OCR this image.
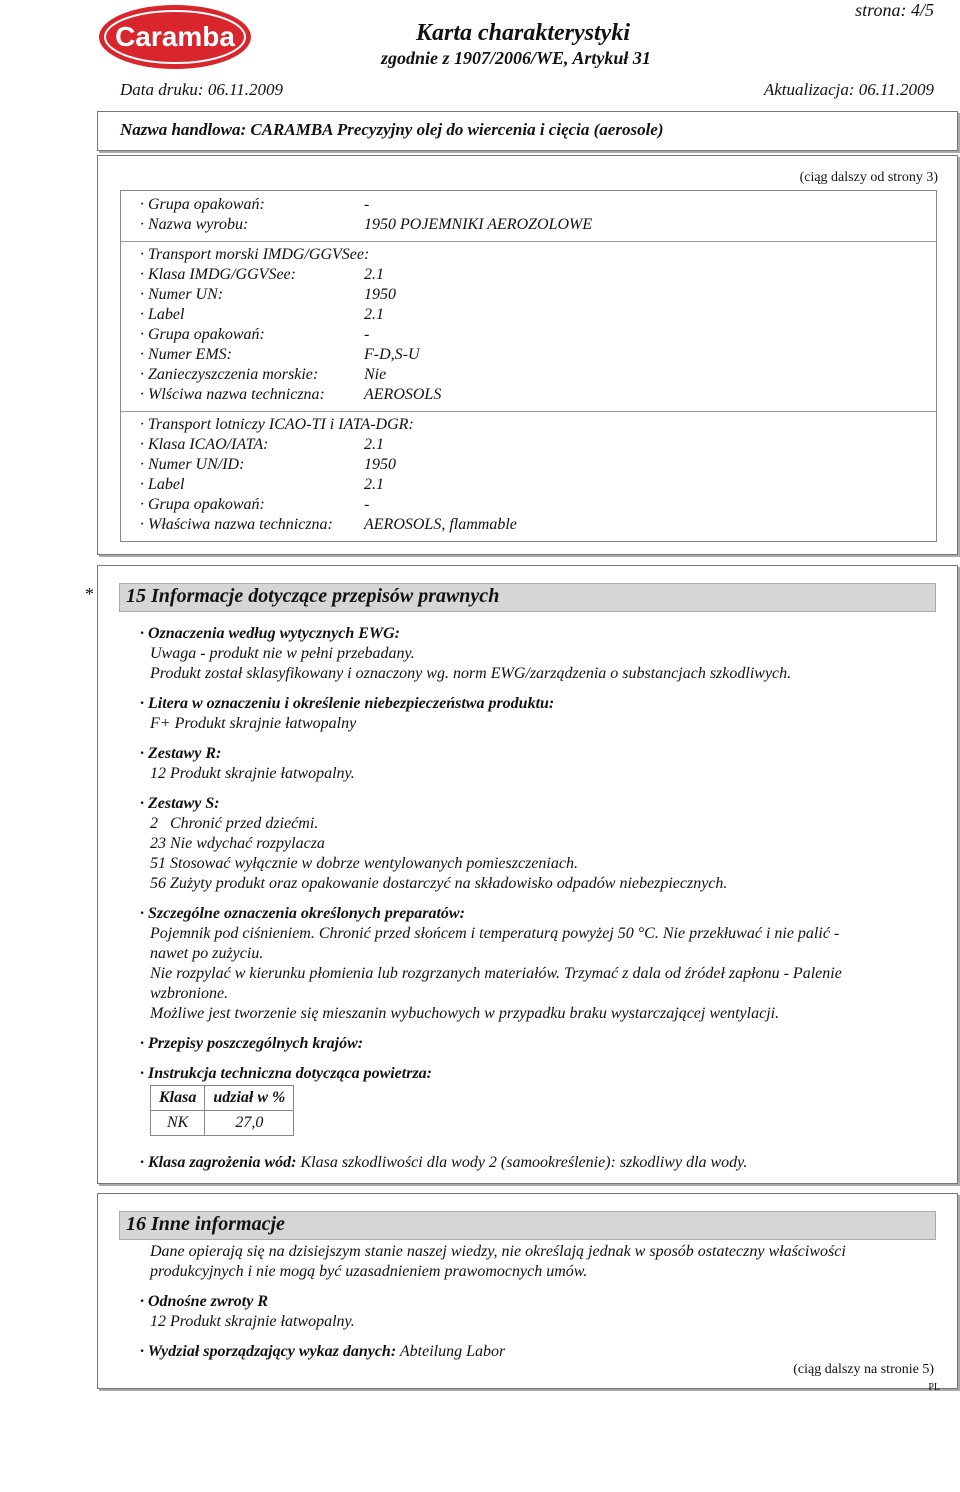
Caramba
strona: 4/5
Karta charakterystyki
zgodnie z 1907/2006/WE, Artykuł 31
Data druku: 06.11.2009	Aktualizacja: 06.11.2009
Nazwa handlowa: CARAMBA Precyzyjny olej do wiercenia i cięcia (aerosole)
(ciąg dalszy od strony 3)
· Grupa opakowań:	-
· Nazwa wyrobu:	1950 POJEMNIKI AEROZOLOWE
· Transport morski IMDG/GGVSee:
· Klasa IMDG/GGVSee:	2.1
· Numer UN:	1950
· Label	2.1
· Grupa opakowań:	-
· Numer EMS:	F-D,S-U
· Zanieczyszczenia morskie:	Nie
· Wlściwa nazwa techniczna: AEROSOLS
· Transport lotniczy ICAO-TI i IATA-DGR:
· Klasa ICAO/IATA:	2.1
· Numer UN/ID:	1950
· Label	2.1
· Grupa opakowań:	-
· Właściwa nazwa techniczna: AEROSOLS, flammable
* 15 Informacje dotyczące przepisów prawnych
· Oznaczenia według wytycznych EWG:
Uwaga - produkt nie w pełni przebadany.
Produkt został sklasyfikowany i oznaczony wg. norm EWG/zarządzenia o substancjach szkodliwych.
· Litera w oznaczeniu i określenie niebezpieczeństwa produktu:
F+ Produkt skrajnie łatwopalny
· Zestawy R:
12 Produkt skrajnie łatwopalny.
· Zestawy S:
2   Chronić przed dziećmi.
23 Nie wdychać rozpylacza
51 Stosować wyłącznie w dobrze wentylowanych pomieszczeniach.
56 Zużyty produkt oraz opakowanie dostarczyć na składowisko odpadów niebezpiecznych.
· Szczególne oznaczenia określonych preparatów:
Pojemnik pod ciśnieniem. Chronić przed słońcem i temperaturą powyżej 50 °C. Nie przekłuwać i nie palić -
nawet po zużyciu.
Nie rozpylać w kierunku płomienia lub rozgrzanych materiałów. Trzymać z dala od źródeł zapłonu - Palenie
wzbronione.
Możliwe jest tworzenie się mieszanin wybuchowych w przypadku braku wystarczającej wentylacji.
· Przepisy poszczególnych krajów:
· Instrukcja techniczna dotycząca powietrza:
Klasa	udział w %
NK	27,0
· Klasa zagrożenia wód: Klasa szkodliwości dla wody 2 (samookreślenie): szkodliwy dla wody.
16 Inne informacje
Dane opierają się na dzisiejszym stanie naszej wiedzy, nie określają jednak w sposób ostateczny właściwości
produkcyjnych i nie mogą być uzasadnieniem prawomocnych umów.
· Odnośne zwroty R
12 Produkt skrajnie łatwopalny.
· Wydział sporządzający wykaz danych: Abteilung Labor
(ciąg dalszy na stronie 5)
PL
